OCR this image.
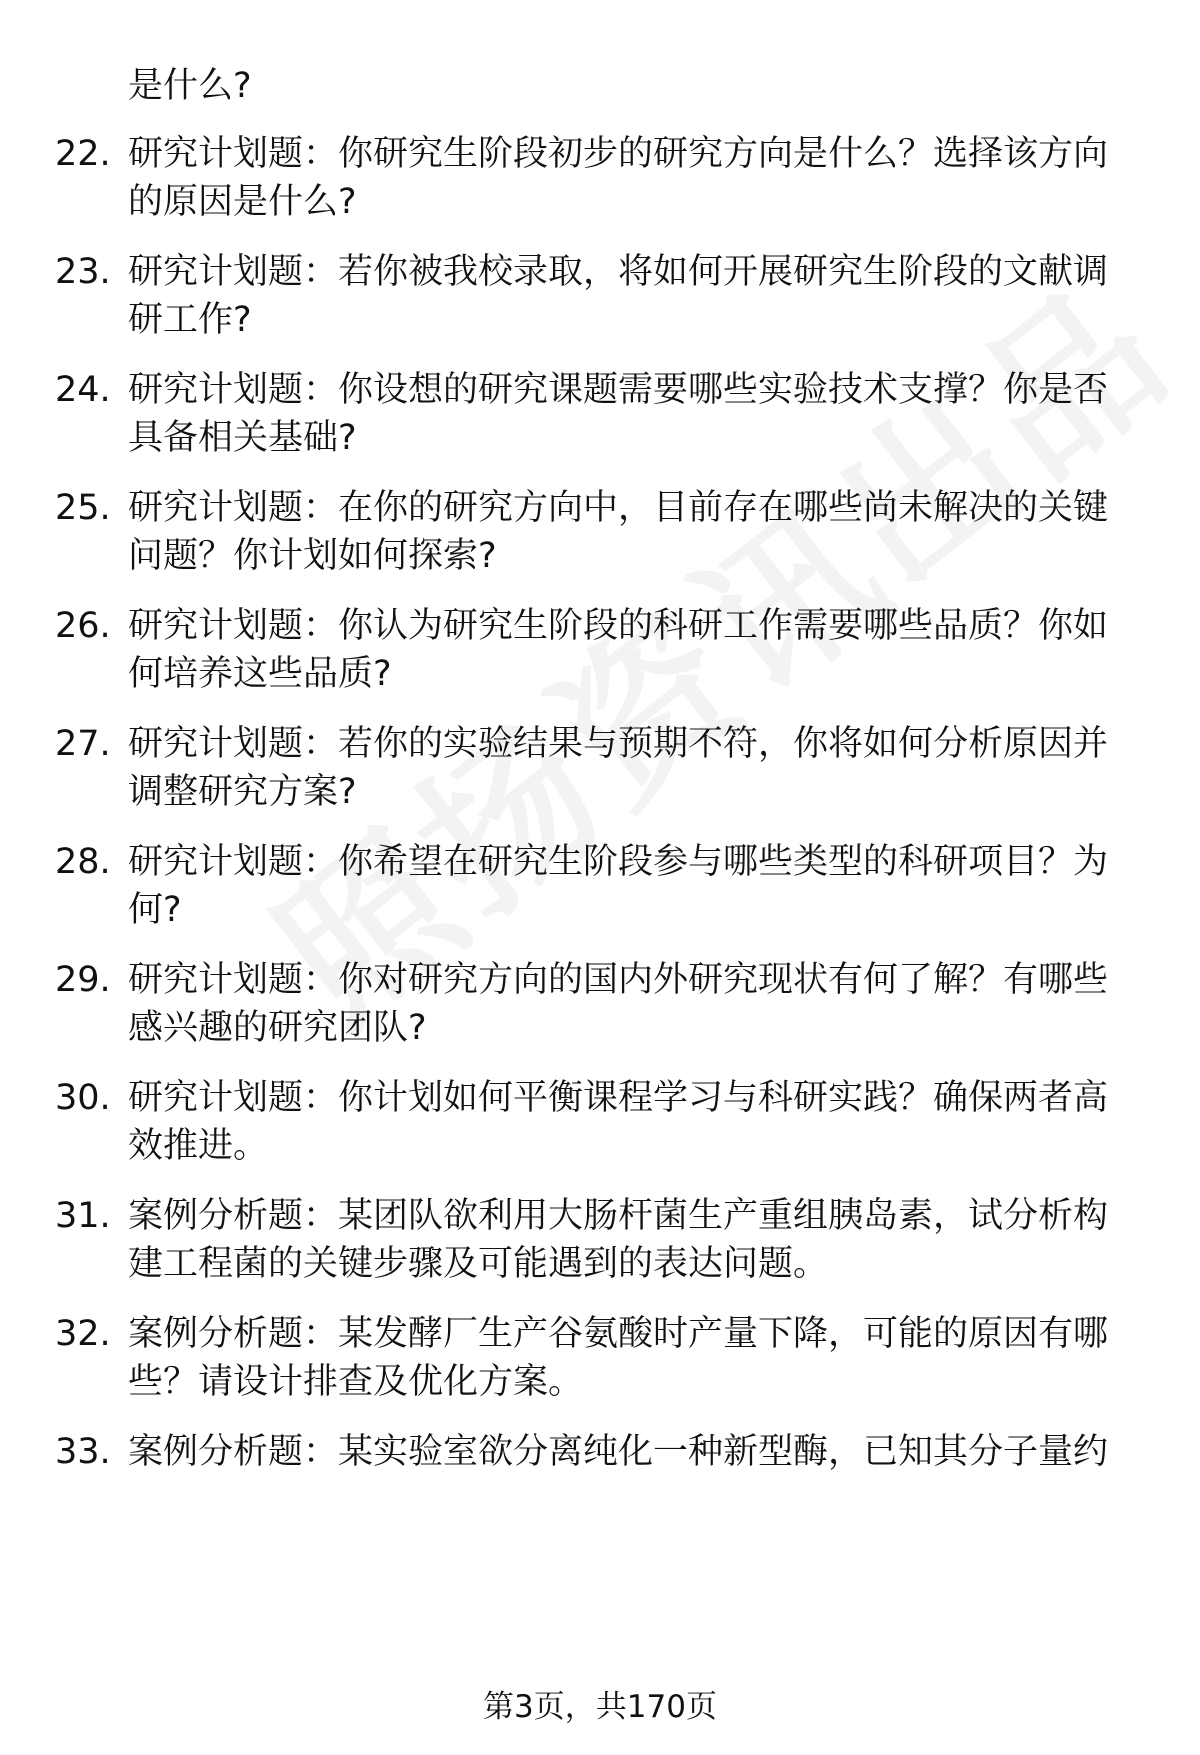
是什么?
22. 研究计划题：你研究生阶段初步的研究方向是什么？选择该方向
的原因是什么?
23. 研究计划题：若你被我校录取，将如何开展研究生阶段的文献调
研工作?
24. 研究计划题：你设想的研究课题需要哪些实验技术支撑？你是否
具备相关基础?
25. 研究计划题：在你的研究方向中，目前存在哪些尚未解决的关键
问题？你计划如何探索?
26. 研究计划题：你认为研究生阶段的科研工作需要哪些品质？你如
何培养这些品质?
27. 研究计划题：若你的实验结果与预期不符，你将如何分析原因并
调整研究方案?
28. 研究计划题：你希望在研究生阶段参与哪些类型的科研项目？为
何?
29. 研究计划题：你对研究方向的国内外研究现状有何了解？有哪些
感兴趣的研究团队?
30. 研究计划题：你计划如何平衡课程学习与科研实践？确保两者高
效推进。
31. 案例分析题：某团队欲利用大肠杆菌生产重组胰岛素，试分析构
建工程菌的关键步骤及可能遇到的表达问题。
32. 案例分析题：某发酵厂生产谷氨酸时产量下降，可能的原因有哪
些？请设计排查及优化方案。
33. 案例分析题：某实验室欲分离纯化一种新型酶，已知其分子量约
第3页，共170页
